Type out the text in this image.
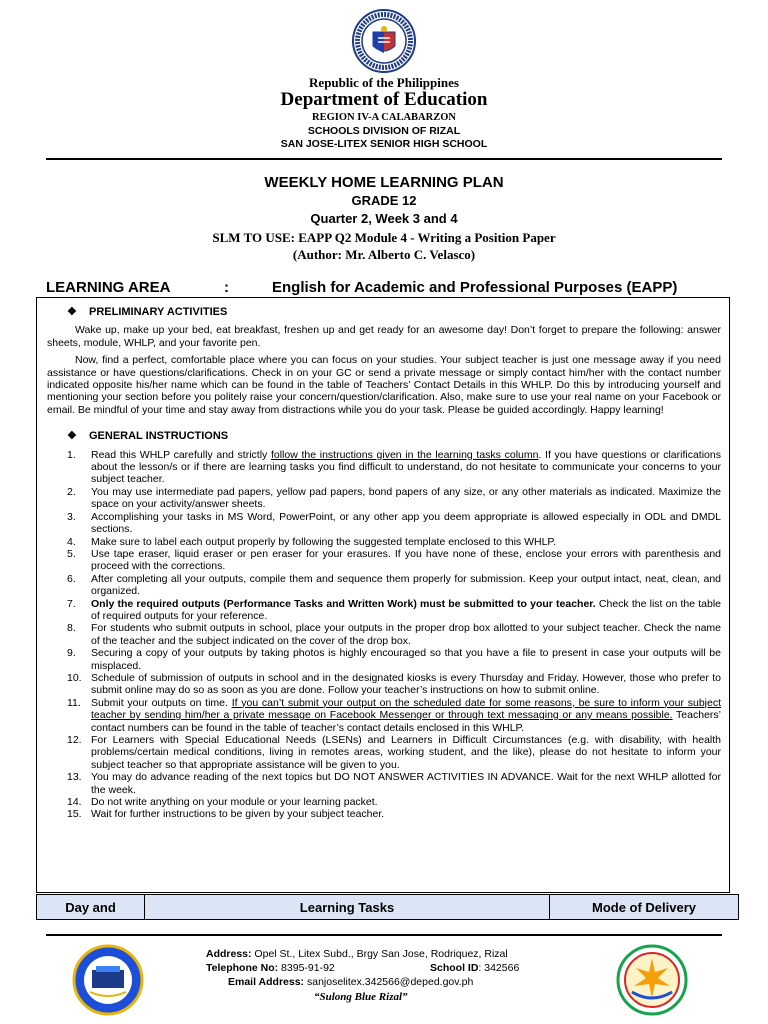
Republic of the Philippines
Department of Education
REGION IV-A CALABARZON
SCHOOLS DIVISION OF RIZAL
SAN JOSE-LITEX SENIOR HIGH SCHOOL
WEEKLY HOME LEARNING PLAN
GRADE 12
Quarter 2, Week 3 and 4
SLM TO USE: EAPP Q2 Module 4 - Writing a Position Paper
(Author: Mr. Alberto C. Velasco)
LEARNING AREA	:	English for Academic and Professional Purposes (EAPP)
❖ PRELIMINARY ACTIVITIES

Wake up, make up your bed, eat breakfast, freshen up and get ready for an awesome day! Don’t forget to prepare the following: answer sheets, module, WHLP, and your favorite pen.

Now, find a perfect, comfortable place where you can focus on your studies. Your subject teacher is just one message away if you need assistance or have questions/clarifications. Check in on your GC or send a private message or simply contact him/her with the contact number indicated opposite his/her name which can be found in the table of Teachers’ Contact Details in this WHLP. Do this by introducing yourself and mentioning your section before you politely raise your concern/question/clarification. Also, make sure to use your real name on your Facebook or email. Be mindful of your time and stay away from distractions while you do your task. Please be guided accordingly. Happy learning!

❖ GENERAL INSTRUCTIONS
1. Read this WHLP carefully and strictly follow the instructions given in the learning tasks column. If you have questions or clarifications about the lesson/s or if there are learning tasks you find difficult to understand, do not hesitate to communicate your concerns to your subject teacher.
2. You may use intermediate pad papers, yellow pad papers, bond papers of any size, or any other materials as indicated. Maximize the space on your activity/answer sheets.
3. Accomplishing your tasks in MS Word, PowerPoint, or any other app you deem appropriate is allowed especially in ODL and DMDL sections.
4. Make sure to label each output properly by following the suggested template enclosed to this WHLP.
5. Use tape eraser, liquid eraser or pen eraser for your erasures. If you have none of these, enclose your errors with parenthesis and proceed with the corrections.
6. After completing all your outputs, compile them and sequence them properly for submission. Keep your output intact, neat, clean, and organized.
7. Only the required outputs (Performance Tasks and Written Work) must be submitted to your teacher. Check the list on the table of required outputs for your reference.
8. For students who submit outputs in school, place your outputs in the proper drop box allotted to your subject teacher. Check the name of the teacher and the subject indicated on the cover of the drop box.
9. Securing a copy of your outputs by taking photos is highly encouraged so that you have a file to present in case your outputs will be misplaced.
10. Schedule of submission of outputs in school and in the designated kiosks is every Thursday and Friday. However, those who prefer to submit online may do so as soon as you are done. Follow your teacher’s instructions on how to submit online.
11. Submit your outputs on time. If you can’t submit your output on the scheduled date for some reasons, be sure to inform your subject teacher by sending him/her a private message on Facebook Messenger or through text messaging or any means possible. Teachers’ contact numbers can be found in the table of teacher’s contact details enclosed in this WHLP.
12. For Learners with Special Educational Needs (LSENs) and Learners in Difficult Circumstances (e.g. with disability, with health problems/certain medical conditions, living in remotes areas, working student, and the like), please do not hesitate to inform your subject teacher so that appropriate assistance will be given to you.
13. You may do advance reading of the next topics but DO NOT ANSWER ACTIVITIES IN ADVANCE. Wait for the next WHLP allotted for the week.
14. Do not write anything on your module or your learning packet.
15. Wait for further instructions to be given by your subject teacher.
Day and	Learning Tasks	Mode of Delivery
Address: Opel St., Litex Subd., Brgy San Jose, Rodriquez, Rizal
Telephone No: 8395-91-92	School ID: 342566
Email Address: sanjoselitex.342566@deped.gov.ph
“Sulong Blue Rizal”
